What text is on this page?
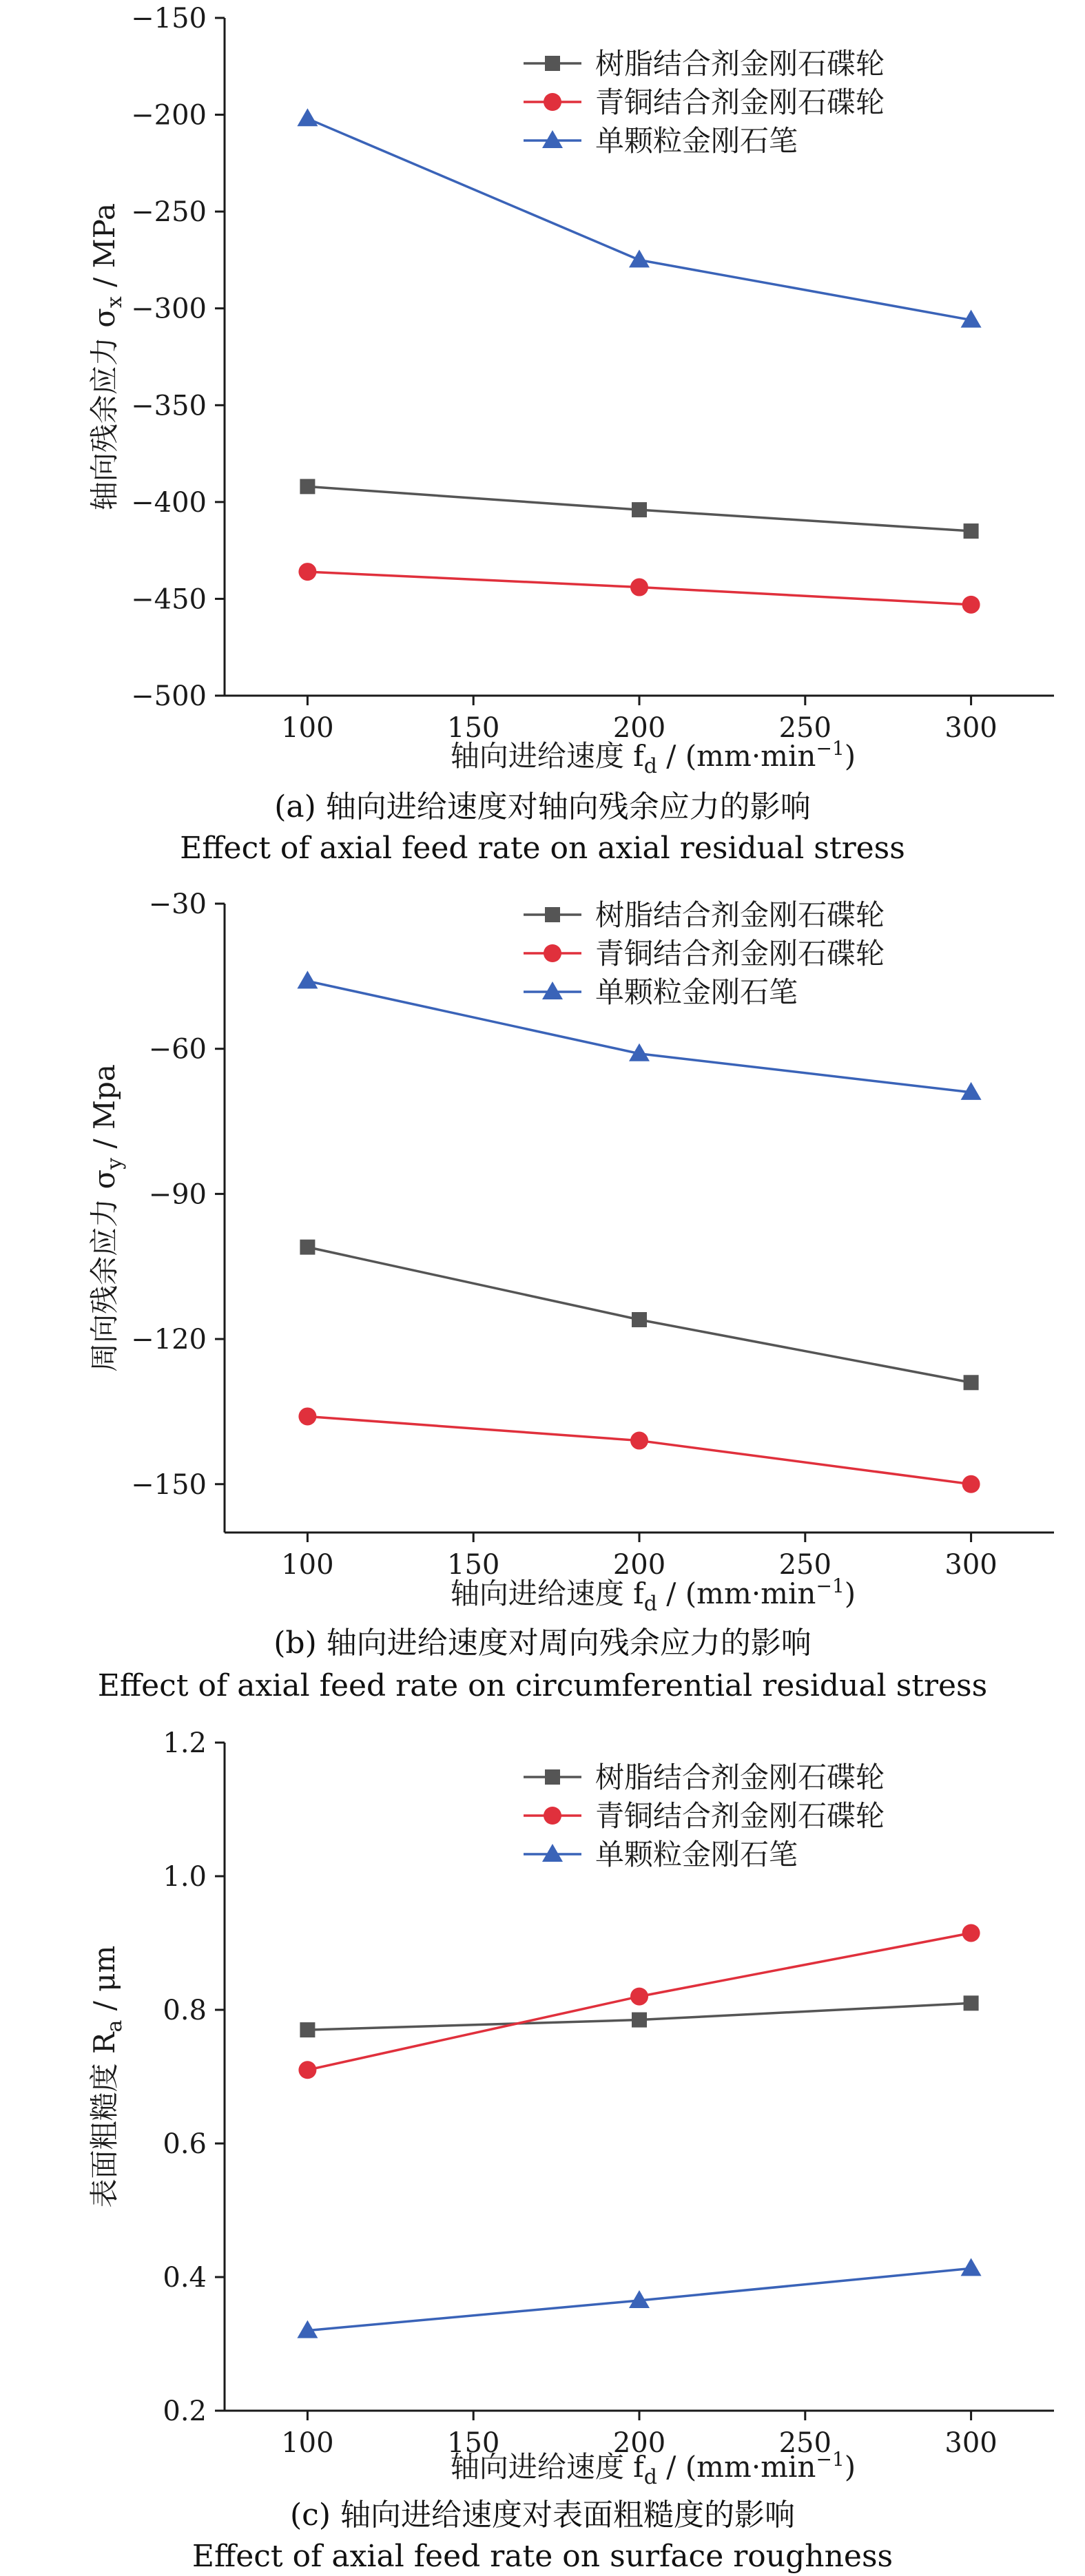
−150
−200
−250
−300
−350
−400
−450
−500
100	150	200	250	300
轴向进给速度 $f_d / (mm\cdot\min^{-1})$
轴向残余应力 $\sigma_x$ / MPa
树脂结合剂金刚石碟轮
青铜结合剂金刚石碟轮
单颗粒金刚石笔
(a) 轴向进给速度对轴向残余应力的影响
Effect of axial feed rate on axial residual stress
−30
−60
−90
−120
−150
100	150	200	250	300
轴向进给速度 $f_d / (mm\cdot\min^{-1})$
周向残余应力 $\sigma_y$ / Mpa
树脂结合剂金刚石碟轮
青铜结合剂金刚石碟轮
单颗粒金刚石笔
(b) 轴向进给速度对周向残余应力的影响
Effect of axial feed rate on circumferential residual stress
0.2
0.4
0.6
0.8
1.0
1.2
100	150	200	250	300
轴向进给速度 $f_d / (mm\cdot\min^{-1})$
表面粗糙度 $R_a$ / μm
树脂结合剂金刚石碟轮
青铜结合剂金刚石碟轮
单颗粒金刚石笔
(c) 轴向进给速度对表面粗糙度的影响
Effect of axial feed rate on surface roughness
